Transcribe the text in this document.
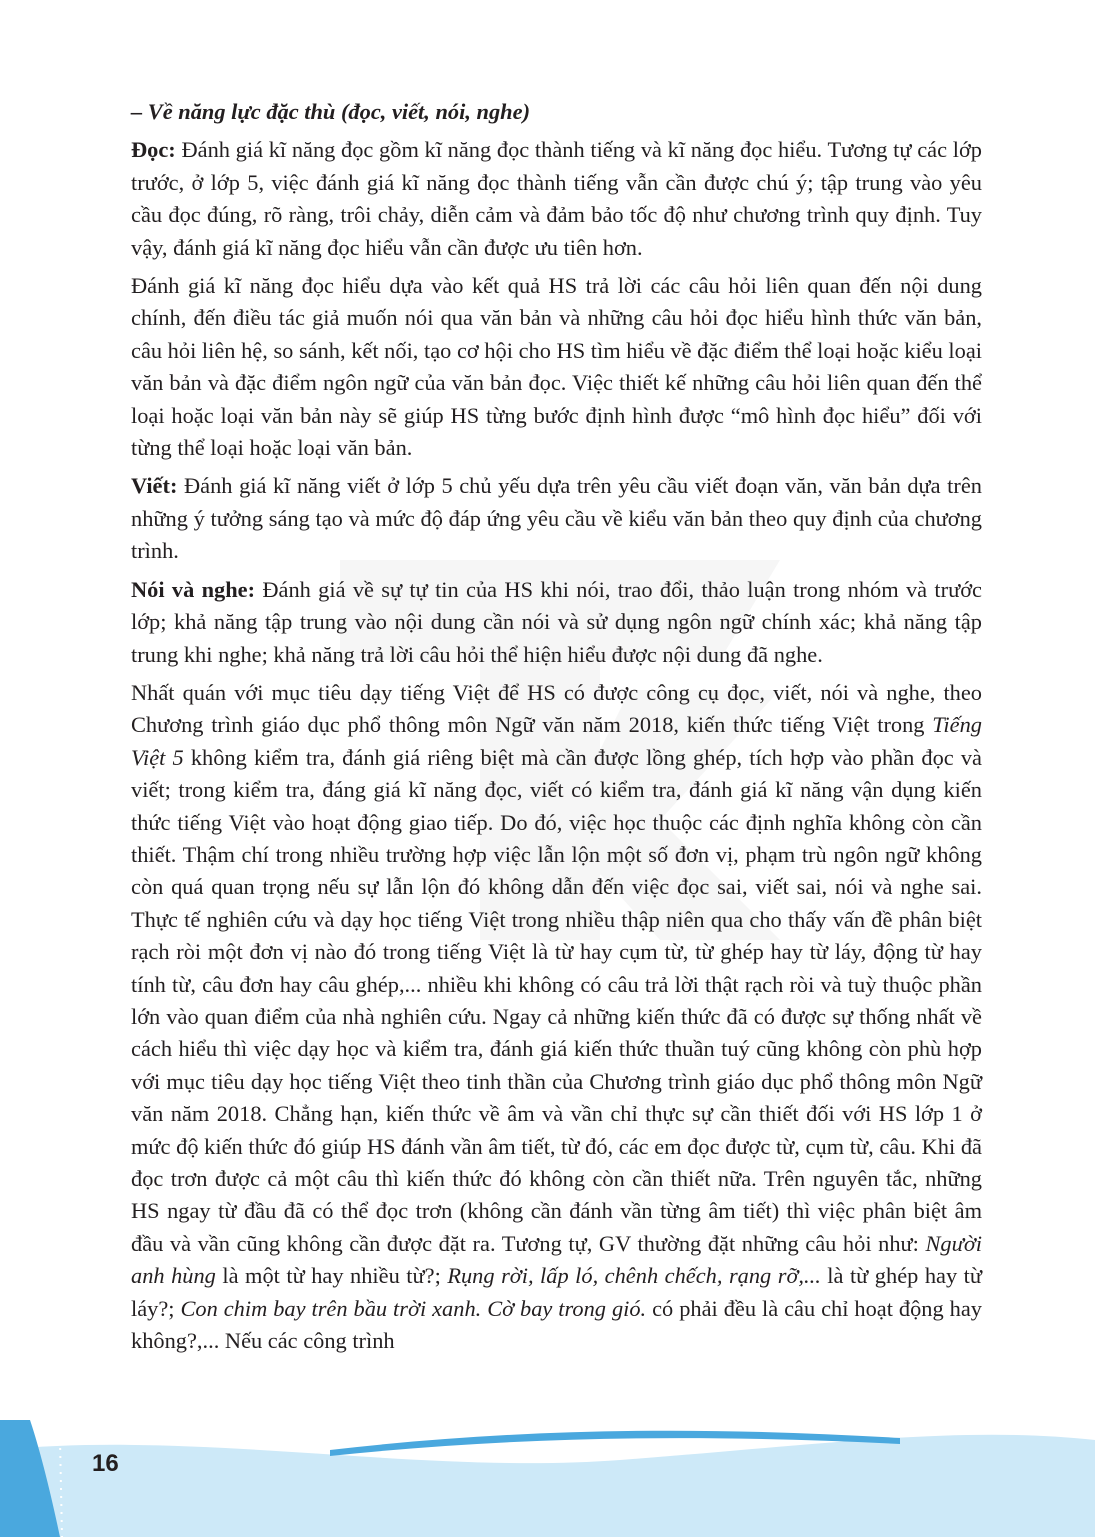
– Về năng lực đặc thù (đọc, viết, nói, nghe)

Đọc: Đánh giá kĩ năng đọc gồm kĩ năng đọc thành tiếng và kĩ năng đọc hiểu. Tương tự các lớp trước, ở lớp 5, việc đánh giá kĩ năng đọc thành tiếng vẫn cần được chú ý; tập trung vào yêu cầu đọc đúng, rõ ràng, trôi chảy, diễn cảm và đảm bảo tốc độ như chương trình quy định. Tuy vậy, đánh giá kĩ năng đọc hiểu vẫn cần được ưu tiên hơn.

Đánh giá kĩ năng đọc hiểu dựa vào kết quả HS trả lời các câu hỏi liên quan đến nội dung chính, đến điều tác giả muốn nói qua văn bản và những câu hỏi đọc hiểu hình thức văn bản, câu hỏi liên hệ, so sánh, kết nối, tạo cơ hội cho HS tìm hiểu về đặc điểm thể loại hoặc kiểu loại văn bản và đặc điểm ngôn ngữ của văn bản đọc. Việc thiết kế những câu hỏi liên quan đến thể loại hoặc loại văn bản này sẽ giúp HS từng bước định hình được “mô hình đọc hiểu” đối với từng thể loại hoặc loại văn bản.

Viết: Đánh giá kĩ năng viết ở lớp 5 chủ yếu dựa trên yêu cầu viết đoạn văn, văn bản dựa trên những ý tưởng sáng tạo và mức độ đáp ứng yêu cầu về kiểu văn bản theo quy định của chương trình.

Nói và nghe: Đánh giá về sự tự tin của HS khi nói, trao đổi, thảo luận trong nhóm và trước lớp; khả năng tập trung vào nội dung cần nói và sử dụng ngôn ngữ chính xác; khả năng tập trung khi nghe; khả năng trả lời câu hỏi thể hiện hiểu được nội dung đã nghe.

Nhất quán với mục tiêu dạy tiếng Việt để HS có được công cụ đọc, viết, nói và nghe, theo Chương trình giáo dục phổ thông môn Ngữ văn năm 2018, kiến thức tiếng Việt trong Tiếng Việt 5 không kiểm tra, đánh giá riêng biệt mà cần được lồng ghép, tích hợp vào phần đọc và viết; trong kiểm tra, đáng giá kĩ năng đọc, viết có kiểm tra, đánh giá kĩ năng vận dụng kiến thức tiếng Việt vào hoạt động giao tiếp. Do đó, việc học thuộc các định nghĩa không còn cần thiết. Thậm chí trong nhiều trường hợp việc lẫn lộn một số đơn vị, phạm trù ngôn ngữ không còn quá quan trọng nếu sự lẫn lộn đó không dẫn đến việc đọc sai, viết sai, nói và nghe sai. Thực tế nghiên cứu và dạy học tiếng Việt trong nhiều thập niên qua cho thấy vấn đề phân biệt rạch ròi một đơn vị nào đó trong tiếng Việt là từ hay cụm từ, từ ghép hay từ láy, động từ hay tính từ, câu đơn hay câu ghép,... nhiều khi không có câu trả lời thật rạch ròi và tuỳ thuộc phần lớn vào quan điểm của nhà nghiên cứu. Ngay cả những kiến thức đã có được sự thống nhất về cách hiểu thì việc dạy học và kiểm tra, đánh giá kiến thức thuần tuý cũng không còn phù hợp với mục tiêu dạy học tiếng Việt theo tinh thần của Chương trình giáo dục phổ thông môn Ngữ văn năm 2018. Chẳng hạn, kiến thức về âm và vần chỉ thực sự cần thiết đối với HS lớp 1 ở mức độ kiến thức đó giúp HS đánh vần âm tiết, từ đó, các em đọc được từ, cụm từ, câu. Khi đã đọc trơn được cả một câu thì kiến thức đó không còn cần thiết nữa. Trên nguyên tắc, những HS ngay từ đầu đã có thể đọc trơn (không cần đánh vần từng âm tiết) thì việc phân biệt âm đầu và vần cũng không cần được đặt ra. Tương tự, GV thường đặt những câu hỏi như: Người anh hùng là một từ hay nhiều từ?; Rụng rời, lấp ló, chênh chếch, rạng rỡ,... là từ ghép hay từ láy?; Con chim bay trên bầu trời xanh. Cờ bay trong gió. có phải đều là câu chỉ hoạt động hay không?,... Nếu các công trình

16
